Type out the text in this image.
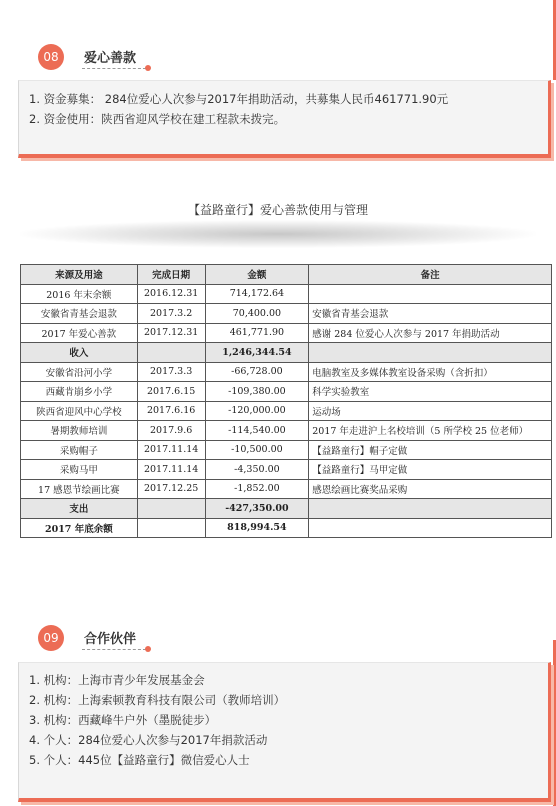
08	爱心善款
1. 资金募集： 284位爱心人次参与2017年捐助活动，共募集人民币461771.90元
2. 资金使用：陕西省迎风学校在建工程款未拨完。
【益路童行】爱心善款使用与管理
来源及用途	完成日期	金额	备注
2016 年末余额	2016.12.31	714,172.64	
安徽省青基会退款	2017.3.2	70,400.00	安徽省青基会退款
2017 年爱心善款	2017.12.31	461,771.90	感谢 284 位爱心人次参与 2017 年捐助活动
收入		1,246,344.54	
安徽省沿河小学	2017.3.3	-66,728.00	电脑教室及多媒体教室设备采购（含折扣）
西藏肯崩乡小学	2017.6.15	-109,380.00	科学实验教室
陕西省迎风中心学校	2017.6.16	-120,000.00	运动场
暑期教师培训	2017.9.6	-114,540.00	2017 年走进沪上名校培训（5 所学校 25 位老师）
采购帽子	2017.11.14	-10,500.00	【益路童行】帽子定做
采购马甲	2017.11.14	-4,350.00	【益路童行】马甲定做
17 感恩节绘画比赛	2017.12.25	-1,852.00	感恩绘画比赛奖品采购
支出		-427,350.00	
2017 年底余额		818,994.54	
09	合作伙伴
1. 机构：上海市青少年发展基金会
2. 机构：上海索顿教育科技有限公司（教师培训）
3. 机构：西藏峰牛户外（墨脱徒步）
4. 个人：284位爱心人次参与2017年捐款活动
5. 个人：445位【益路童行】微信爱心人士
